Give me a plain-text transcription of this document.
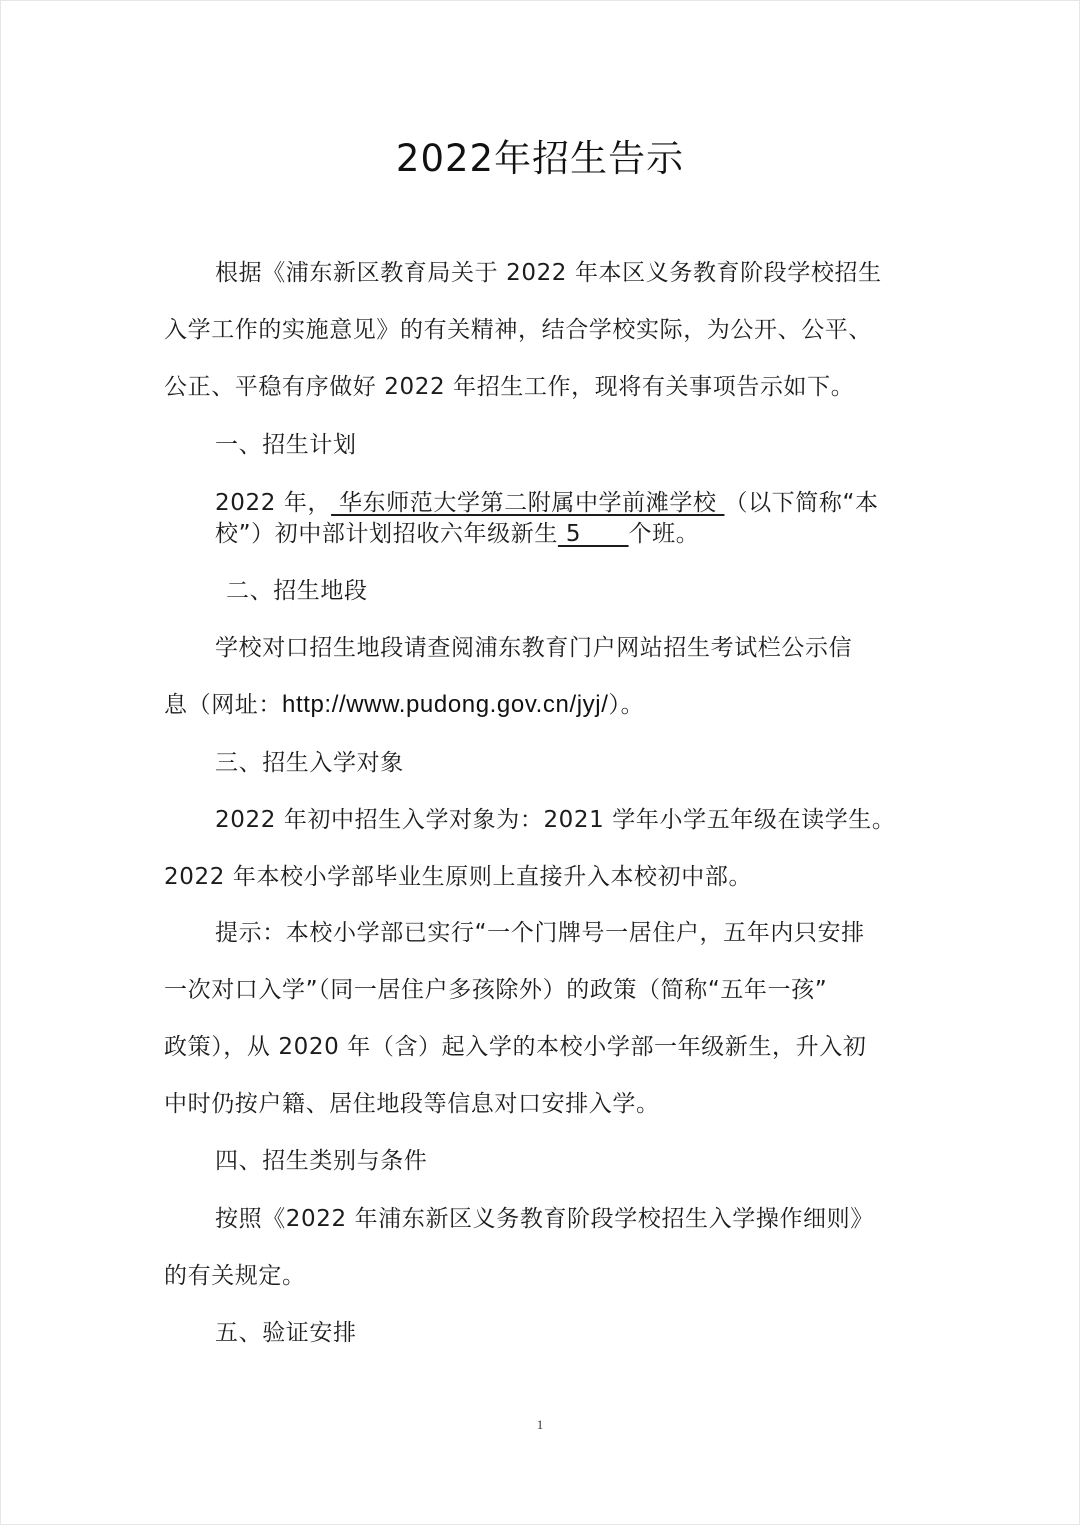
2022年招生告示
根据《浦东新区教育局关于 2022 年本区义务教育阶段学校招生
入学工作的实施意见》的有关精神，结合学校实际，为公开、公平、
公正、平稳有序做好 2022 年招生工作，现将有关事项告示如下。
一、招生计划
2022 年， 华东师范大学第二附属中学前滩学校 （以下简称“本
校”）初中部计划招收六年级新生 5      个班。
二、招生地段
学校对口招生地段请查阅浦东教育门户网站招生考试栏公示信
息（网址：http://www.pudong.gov.cn/jyj/）。
三、招生入学对象
2022 年初中招生入学对象为：2021 学年小学五年级在读学生。
2022 年本校小学部毕业生原则上直接升入本校初中部。
提示：本校小学部已实行“一个门牌号一居住户，五年内只安排
一次对口入学”（同一居住户多孩除外）的政策（简称“五年一孩”
政策），从 2020 年（含）起入学的本校小学部一年级新生，升入初
中时仍按户籍、居住地段等信息对口安排入学。
四、招生类别与条件
按照《2022 年浦东新区义务教育阶段学校招生入学操作细则》
的有关规定。
五、验证安排
1
